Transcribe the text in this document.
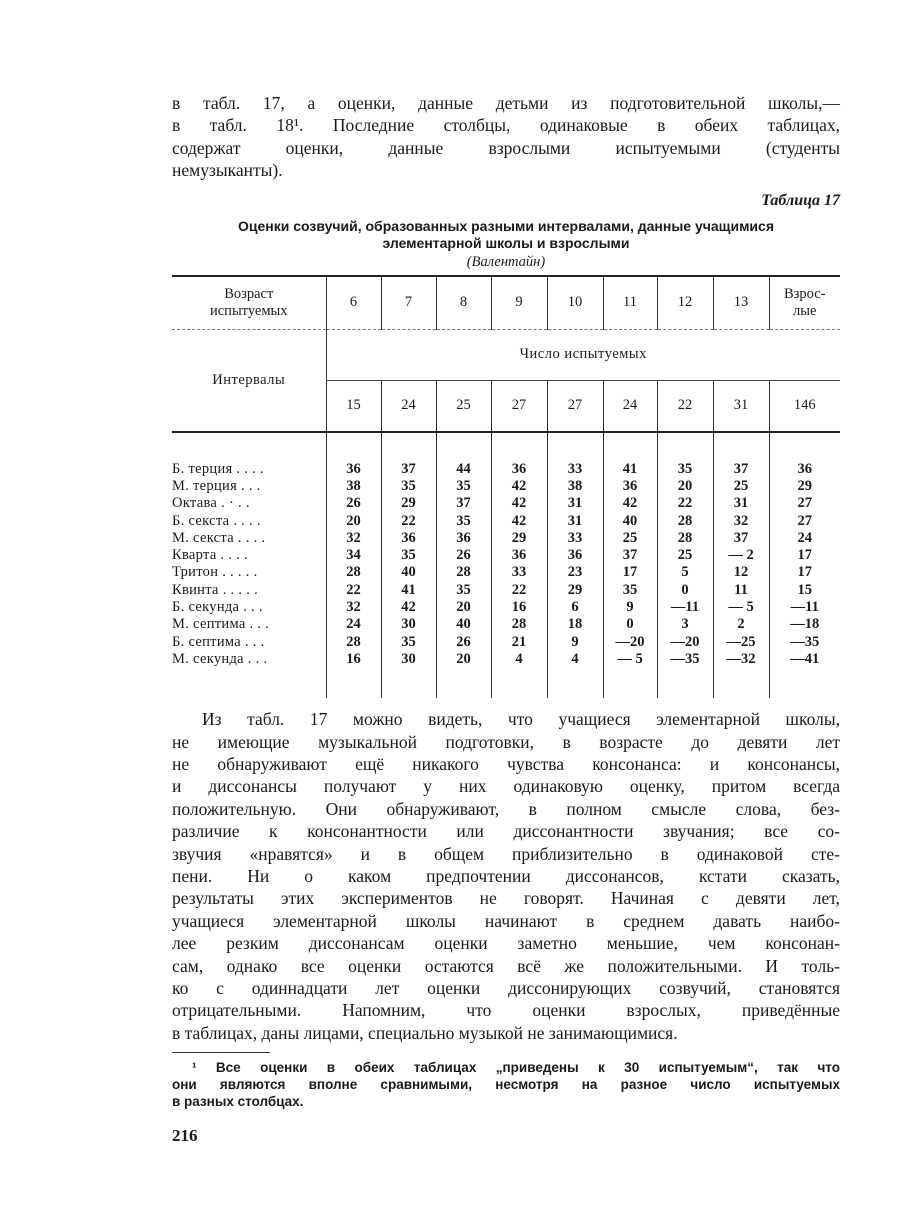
в табл. 17, а оценки, данные детьми из подготовительной школы,—
в табл. 18¹. Последние столбцы, одинаковые в обеих таблицах,
содержат оценки, данные взрослыми испытуемыми (студенты
немузыканты).

Таблица 17
Оценки созвучий, образованных разными интервалами, данные учащимися
элементарной школы и взрослыми
(Валентайн)
Возраст
испытуемых	6	7	8	9	10	11	12	13	Взрос-
лые

Интервалы	Число испытуемых								
	15	24	25	27	27	24	22	31	146

Б. терция . . . .	36	37	44	36	33	41	35	37	36
М. терция . . .	38	35	35	42	38	36	20	25	29
Октава . · . .	26	29	37	42	31	42	22	31	27
Б. секста . . . .	20	22	35	42	31	40	28	32	27
М. секста . . . .	32	36	36	29	33	25	28	37	24
Кварта . . . .	34	35	26	36	36	37	25	— 2	17
Тритон . . . . .	28	40	28	33	23	17	5	12	17
Квинта . . . . .	22	41	35	22	29	35	0	11	15
Б. секунда . . .	32	42	20	16	6	9	—11	— 5	—11
М. септима . . .	24	30	40	28	18	0	3	2	—18
Б. септима . . .	28	35	26	21	9	—20	—20	—25	—35
М. секунда . . .	16	30	20	4	4	— 5	—35	—32	—41

Из табл. 17 можно видеть, что учащиеся элементарной школы,
не имеющие музыкальной подготовки, в возрасте до девяти лет
не обнаруживают ещё никакого чувства консонанса: и консонансы,
и диссонансы получают у них одинаковую оценку, притом всегда
положительную. Они обнаруживают, в полном смысле слова, без-
различие к консонантности или диссонантности звучания; все со-
звучия «нравятся» и в общем приблизительно в одинаковой сте-
пени. Ни о каком предпочтении диссонансов, кстати сказать,
результаты этих экспериментов не говорят. Начиная с девяти лет,
учащиеся элементарной школы начинают в среднем давать наибо-
лее резким диссонансам оценки заметно меньшие, чем консонан-
сам, однако все оценки остаются всё же положительными. И толь-
ко с одиннадцати лет оценки диссонирующих созвучий, становятся
отрицательными. Напомним, что оценки взрослых, приведённые
в таблицах, даны лицами, специально музыкой не занимающимися.

¹ Все оценки в обеих таблицах „приведены к 30 испытуемым“, так что
они являются вполне сравнимыми, несмотря на разное число испытуемых
в разных столбцах.
216
